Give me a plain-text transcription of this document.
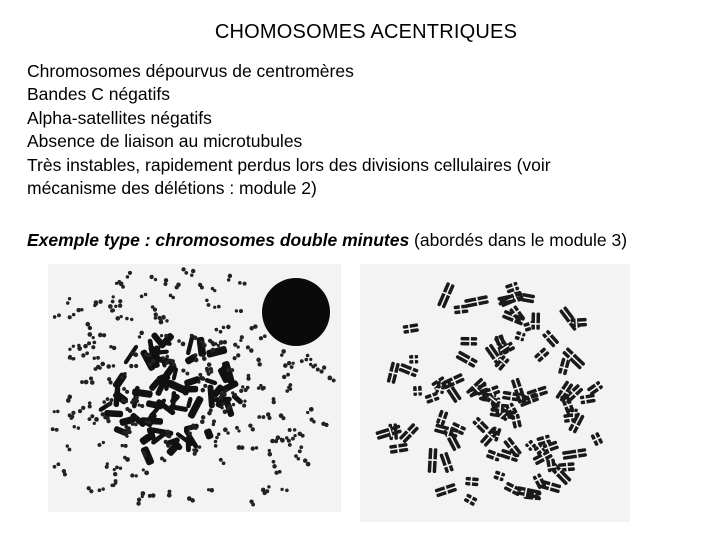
CHOMOSOMES ACENTRIQUES
Chromosomes dépourvus de centromères
Bandes C négatifs
Alpha-satellites négatifs
Absence de liaison au microtubules
Très instables, rapidement perdus lors des divisions cellulaires (voir
mécanisme des délétions : module 2)
Exemple type : chromosomes double minutes (abordés dans le module 3)
